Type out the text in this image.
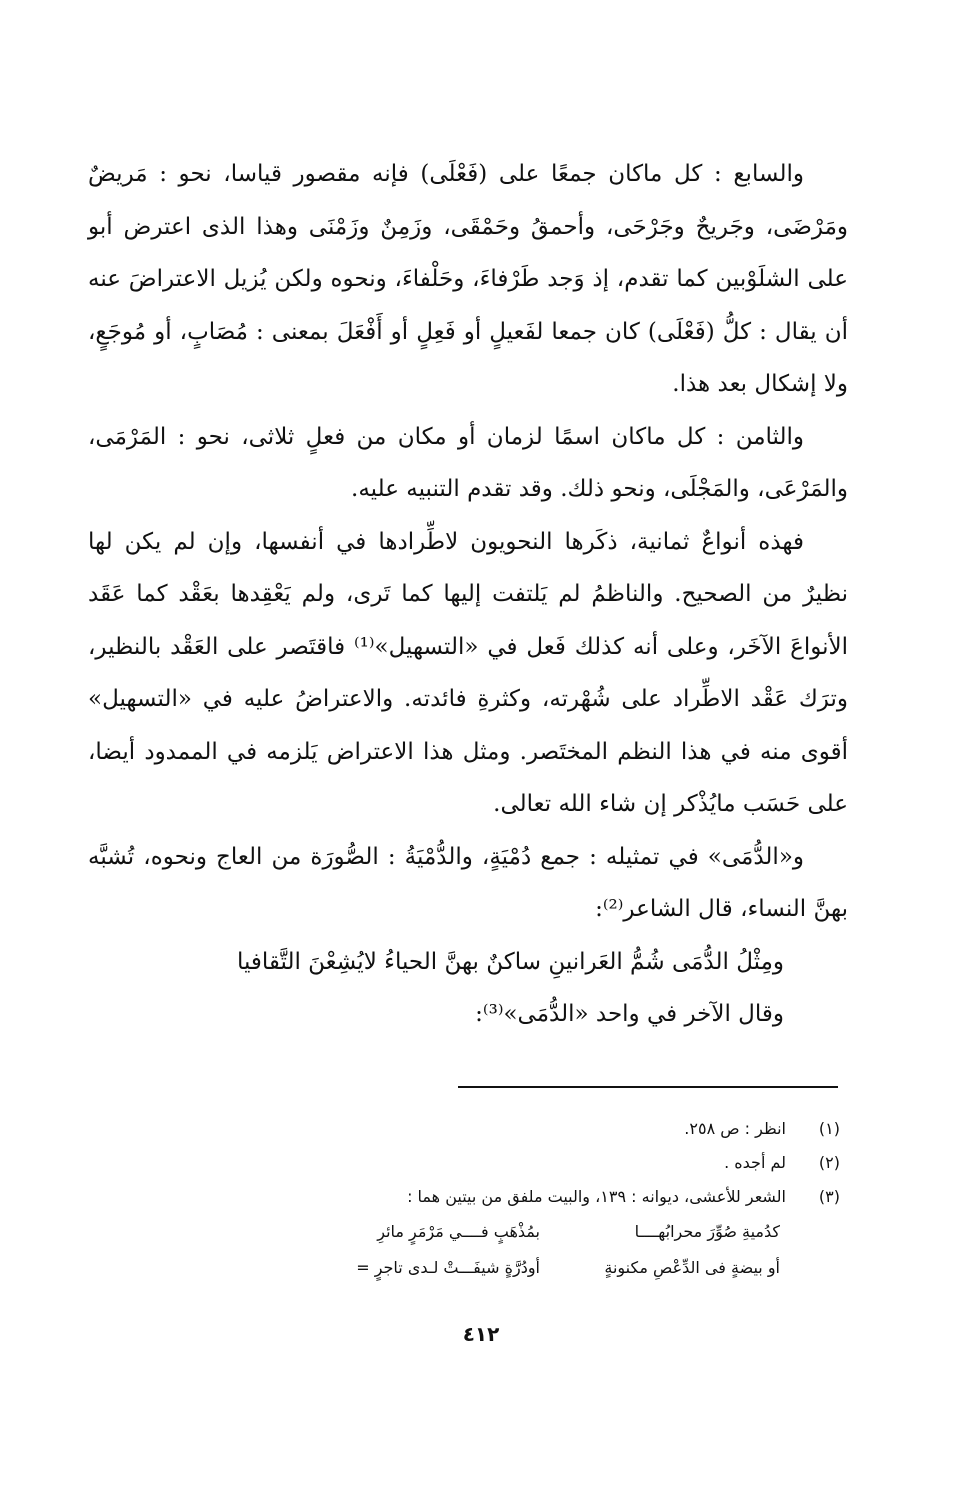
والسابع : كل ماكان جمعًا على (فَعْلَى) فإنه مقصور قياسا، نحو : مَريضٌ ومَرْضَى، وجَريحٌ وجَرْحَى، وأحمقُ وحَمْقَى، وزَمِنٌ وزَمْنَى وهذا الذى اعترض أبو على الشلَوْبين كما تقدم، إذ وَجد طَرْفاءَ، وحَلْفاءَ، ونحوه ولكن يُزيل الاعتراضَ عنه أن يقال : كلُّ (فَعْلَى) كان جمعا لفَعيلٍ أو فَعِلٍ أو أَفْعَلَ بمعنى : مُصَابٍ، أو مُوجَعٍ، ولا إشكال بعد هذا.

والثامن : كل ماكان اسمًا لزمان أو مكان من فعلٍ ثلاثى، نحو : المَرْمَى، والمَرْعَى، والمَجْلَى، ونحو ذلك. وقد تقدم التنبيه عليه.

فهذه أنواعٌ ثمانية، ذكَرها النحويون لاطِّرادها في أنفسها، وإن لم يكن لها نظيرٌ من الصحيح. والناظمُ لم يَلتفت إليها كما تَرى، ولم يَعْقِدها بعَقْد كما عَقَد الأنواعَ الآخَر، وعلى أنه كذلك فَعل في «التسهيل»⁽¹⁾ فاقتَصر على العَقْد بالنظير، وترَك عَقْد الاطِّراد على شُهْرته، وكثرةِ فائدته. والاعتراضُ عليه في «التسهيل» أقوى منه في هذا النظم المختَصر. ومثل هذا الاعتراض يَلزمه في الممدود أيضا، على حَسَب مايُذْكر إن شاء الله تعالى.

و«الدُّمَى» في تمثيله : جمع دُمْيَةٍ، والدُّمْيَةُ : الصُّورَة من العاج ونحوه، تُشبَّه بهنَّ النساء، قال الشاعر⁽²⁾:

ومِثْلُ الدُّمَى شُمُّ العَرانينِ ساكنٌ بهنَّ الحياءُ لايُشِعْنَ التَّقافيا

وقال الآخر في واحد «الدُّمَى»⁽³⁾:

(١)
انظر : ص ٢٥٨.
(٢)
لم أجده .
(٣)
الشعر للأعشى، ديوانه : ١٣٩، والبيت ملفق من بيتين هما :
كدُميةِ صُوِّرَ محرابُهــــا
بمُذْهَبٍ فــــي مَرْمَرٍ مائرِ
أو بيضةٍ فى الدِّعْصِ مكنونةٍ
أودُرَّةٍ شيفَـــتْ لـدى تاجرٍ =
٤١٢
